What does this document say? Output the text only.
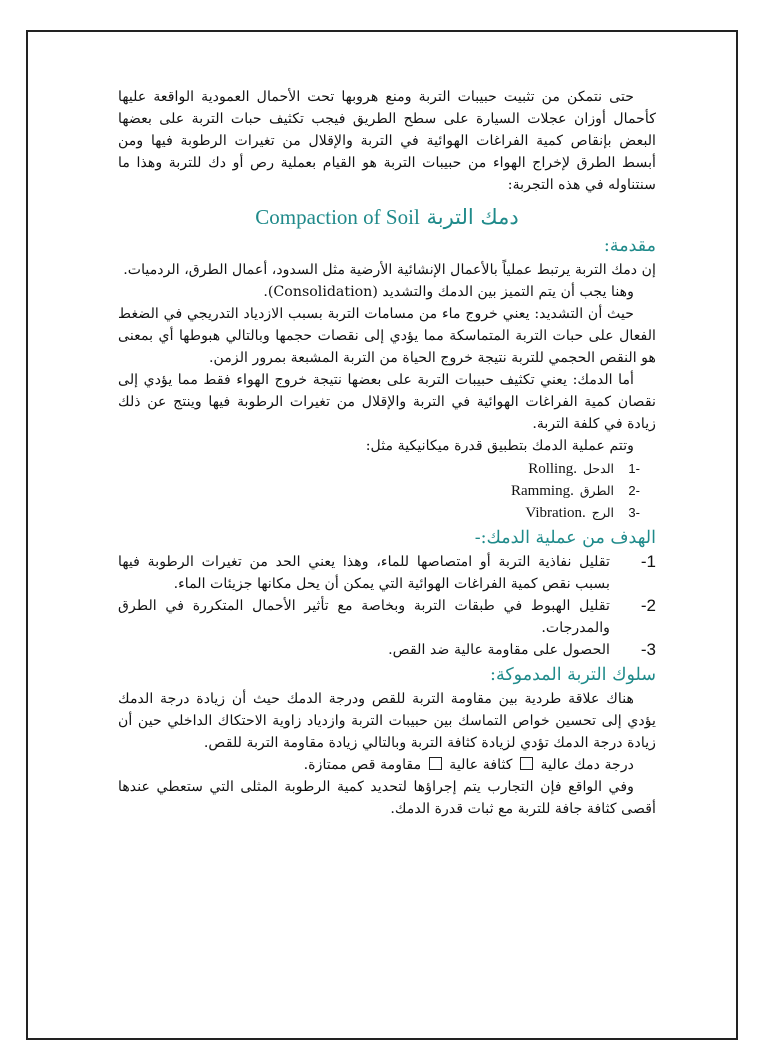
حتى نتمكن من تثبيت حبيبات التربة ومنع هروبها تحت الأحمال العمودية الواقعة عليها كأحمال أوزان عجلات السيارة على سطح الطريق فيجب تكثيف حبات التربة على بعضها البعض بإنقاص كمية الفراغات الهوائية في التربة والإقلال من تغيرات الرطوبة فيها ومن أبسط الطرق لإخراج الهواء من حبيبات التربة هو القيام بعملية رص أو دك للتربة وهذا ما سنتناوله في هذه التجربة:

دمك التربة Compaction of Soil
مقدمة:

إن دمك التربة يرتبط عملياً بالأعمال الإنشائية الأرضية مثل السدود، أعمال الطرق، الردميات.

وهنا يجب أن يتم التميز بين الدمك والتشديد (Consolidation).

حيث أن التشديد: يعني خروج ماء من مسامات التربة بسبب الازدياد التدريجي في الضغط الفعال على حبات التربة المتماسكة مما يؤدي إلى نقصات حجمها وبالتالي هبوطها أي بمعنى هو النقص الحجمي للتربة نتيجة خروج الحياة من التربة المشبعة بمرور الزمن.

أما الدمك: يعني تكثيف حبيبات التربة على بعضها نتيجة خروج الهواء فقط مما يؤدي إلى نقصان كمية الفراغات الهوائية في التربة والإقلال من تغيرات الرطوبة فيها وينتج عن ذلك زيادة في كلفة التربة.

وتتم عملية الدمك بتطبيق قدرة ميكانيكية مثل:

-1
الدحل
Rolling.
-2
الطرق
Ramming.
-3
الرج
Vibration.
الهدف من عملية الدمك:-
-1
تقليل نفاذية التربة أو امتصاصها للماء، وهذا يعني الحد من تغيرات الرطوبة فيها بسبب نقص كمية الفراغات الهوائية التي يمكن أن يحل مكانها جزيئات الماء.
-2
تقليل الهبوط في طبقات التربة وبخاصة مع تأثير الأحمال المتكررة في الطرق والمدرجات.
-3
الحصول على مقاومة عالية ضد القص.
سلوك التربة المدموكة:

هناك علاقة طردية بين مقاومة التربة للقص ودرجة الدمك حيث أن زيادة درجة الدمك يؤدي إلى تحسين خواص التماسك بين حبيبات التربة وازدياد زاوية الاحتكاك الداخلي حين أن زيادة درجة الدمك تؤدي لزيادة كثافة التربة وبالتالي زيادة مقاومة التربة للقص.

درجة دمك عالية  كثافة عالية  مقاومة قص ممتازة.

وفي الواقع فإن التجارب يتم إجراؤها لتحديد كمية الرطوبة المثلى التي ستعطي عندها أقصى كثافة جافة للتربة مع ثبات قدرة الدمك.
